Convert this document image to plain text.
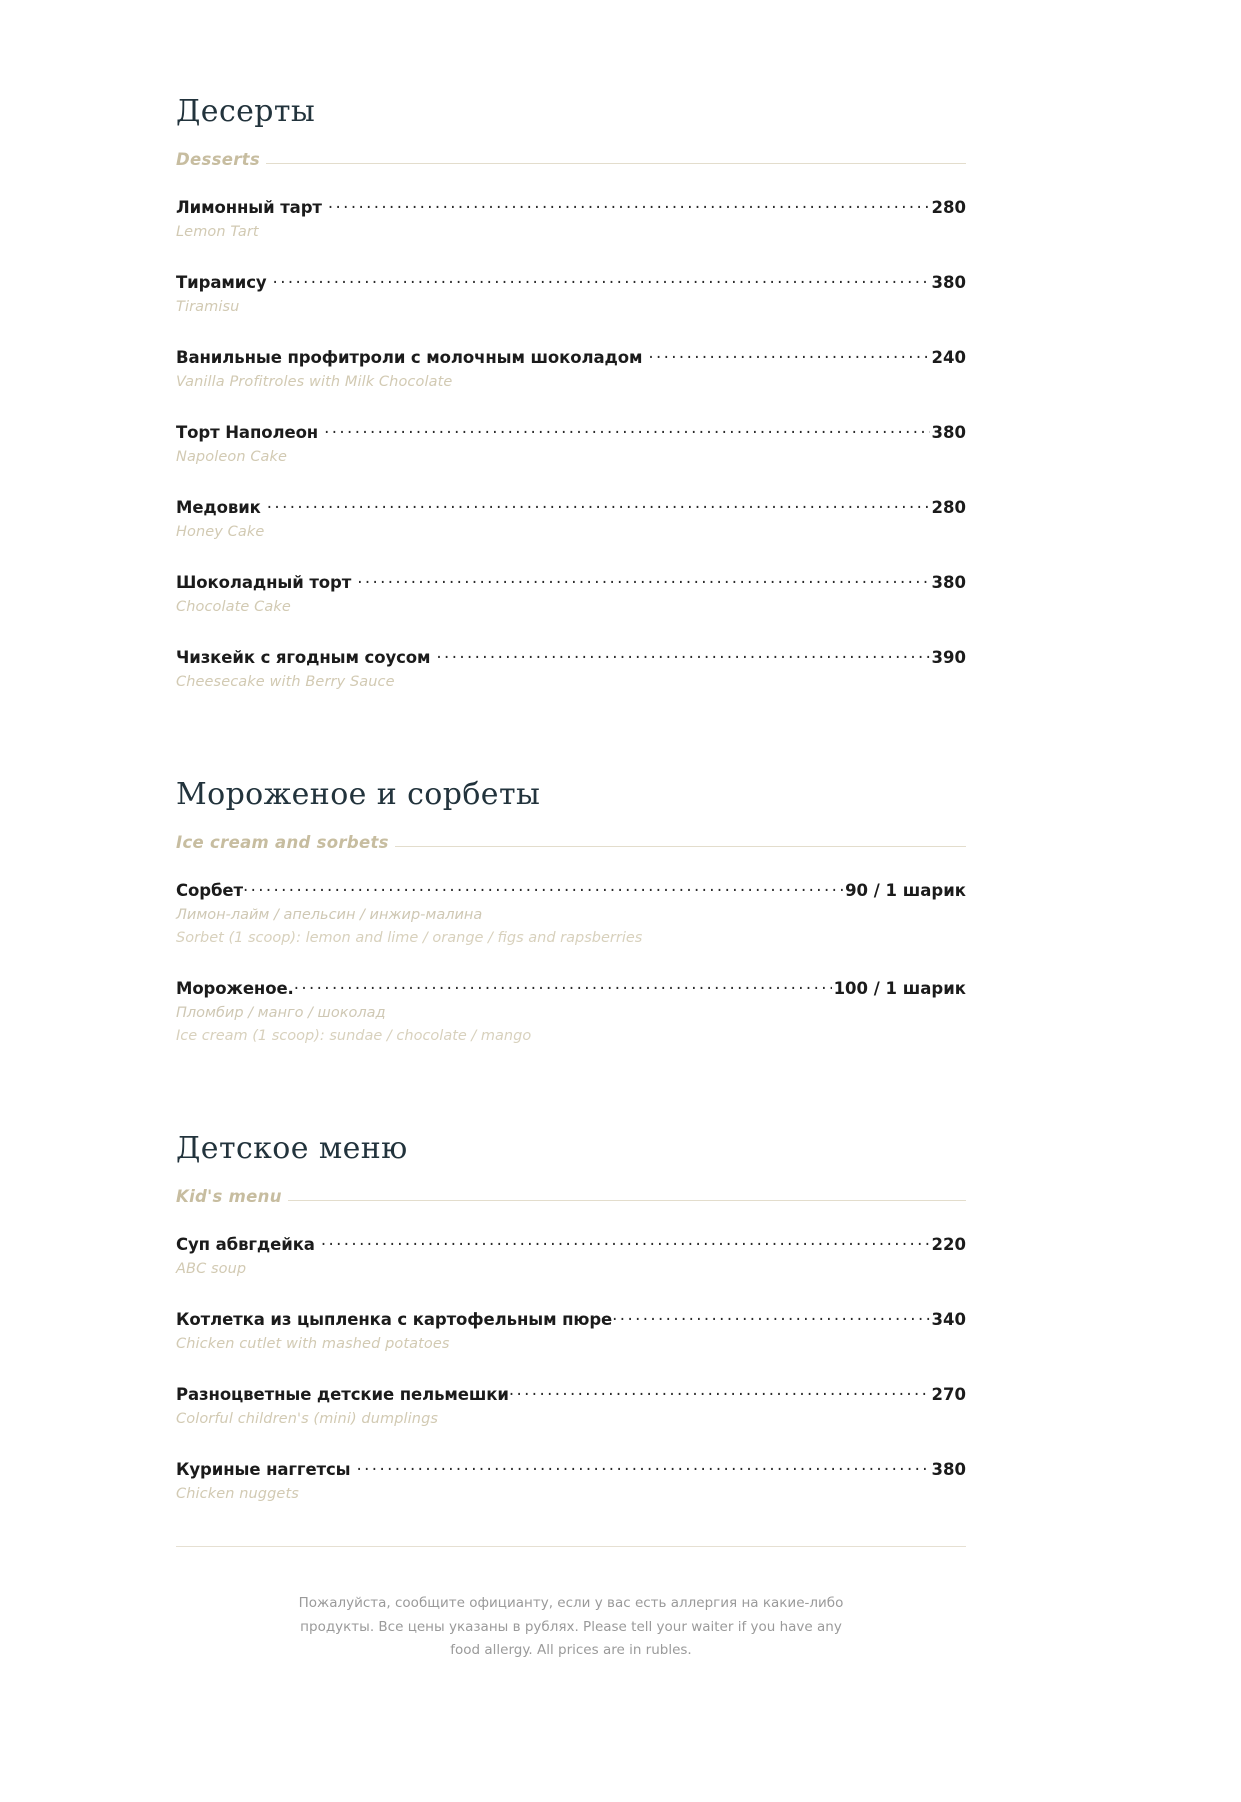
Десерты
Desserts
Лимонный тарт .....	280
Lemon Tart
Тирамису .....	380
Tiramisu
Ванильные профитроли с молочным шоколадом .....	240
Vanilla Profitroles with Milk Chocolate
Торт Наполеон .....	380
Napoleon Cake
Медовик .....	280
Honey Cake
Шоколадный торт .....	380
Chocolate Cake
Чизкейк с ягодным соусом .....	390
Cheesecake with Berry Sauce
Мороженое и сорбеты
Ice cream and sorbets
Сорбет .....	90 / 1 шарик
Лимон-лайм / апельсин / инжир-малина
Sorbet (1 scoop): lemon and lime / orange / figs and rapsberries
Мороженое. .....	100 / 1 шарик
Пломбир / манго / шоколад
Ice cream (1 scoop): sundae / chocolate / mango
Детское меню
Kid's menu
Суп абвгдейка .....	220
ABC soup
Котлетка из цыпленка с картофельным пюре .....	340
Chicken cutlet with mashed potatoes
Разноцветные детские пельмешки .....	270
Colorful children's (mini) dumplings
Куриные наггетсы .....	380
Chicken nuggets
Пожалуйста, сообщите официанту, если у вас есть аллергия на какие-либо продукты. Все цены указаны в рублях. Please tell your waiter if you have any food allergy. All prices are in rubles.
